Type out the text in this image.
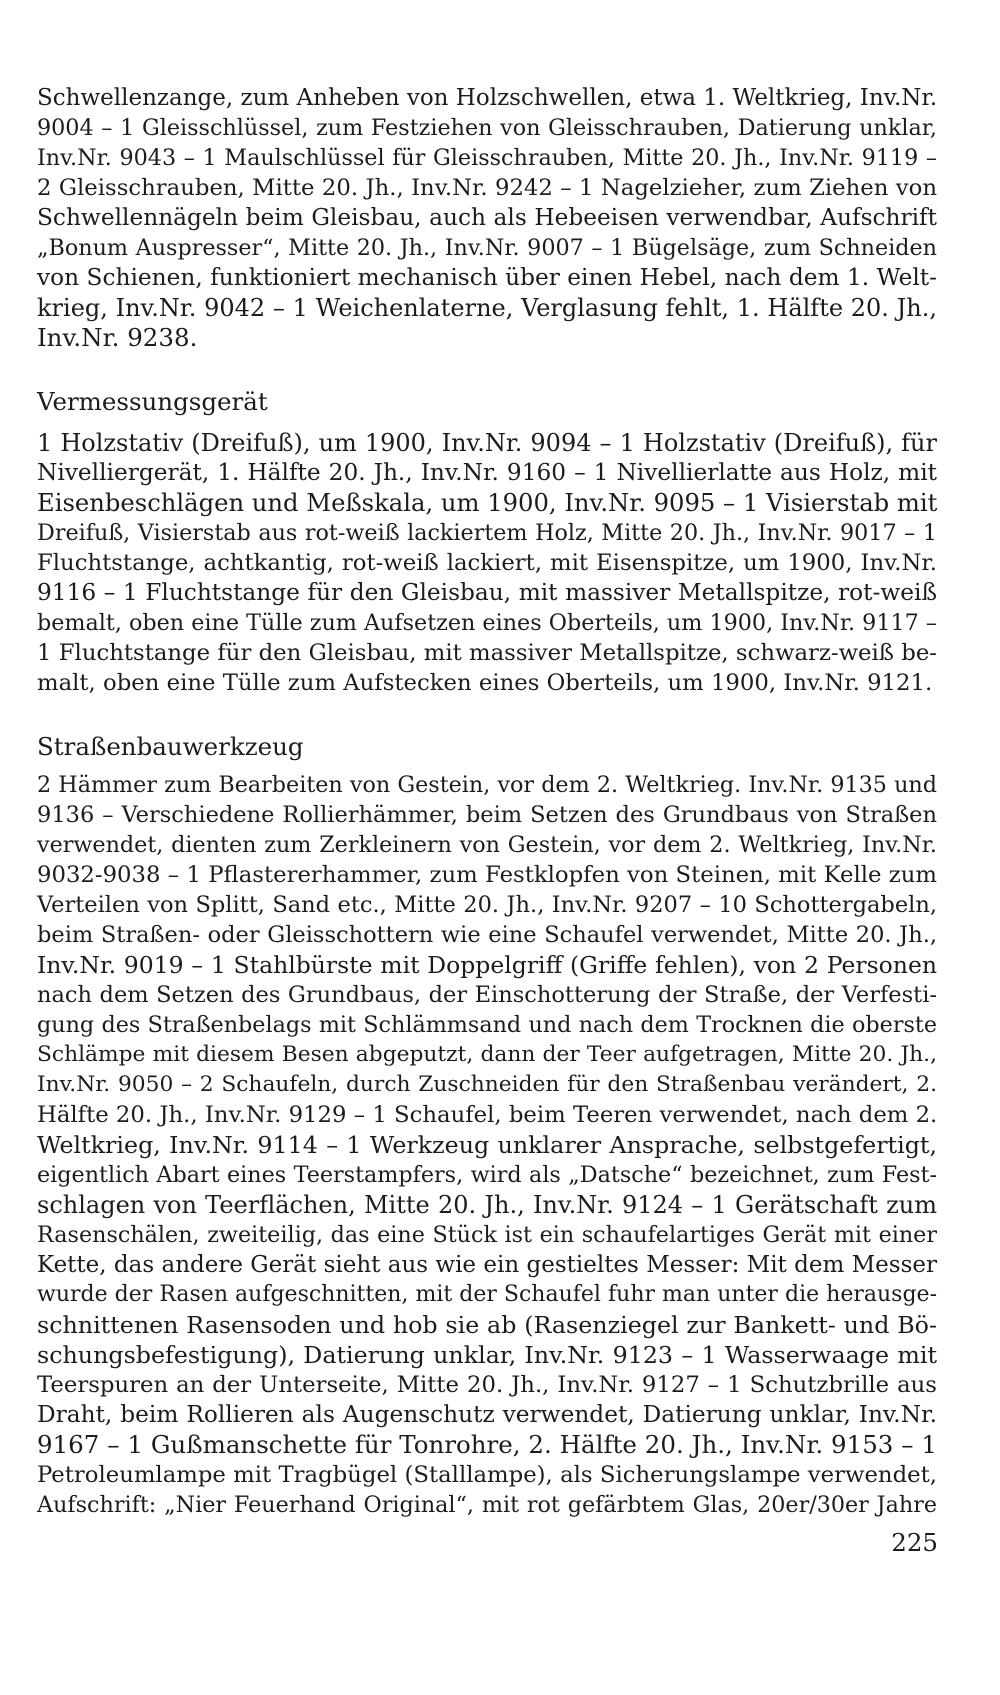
Schwellenzange, zum Anheben von Holzschwellen, etwa 1. Weltkrieg, Inv.Nr.
9004 – 1 Gleisschlüssel, zum Festziehen von Gleisschrauben, Datierung unklar,
Inv.Nr. 9043 – 1 Maulschlüssel für Gleisschrauben, Mitte 20. Jh., Inv.Nr. 9119 –
2 Gleisschrauben, Mitte 20. Jh., Inv.Nr. 9242 – 1 Nagelzieher, zum Ziehen von
Schwellennägeln beim Gleisbau, auch als Hebeeisen verwendbar, Aufschrift
„Bonum Auspresser“, Mitte 20. Jh., Inv.Nr. 9007 – 1 Bügelsäge, zum Schneiden
von Schienen, funktioniert mechanisch über einen Hebel, nach dem 1. Welt-
krieg, Inv.Nr. 9042 – 1 Weichenlaterne, Verglasung fehlt, 1. Hälfte 20. Jh.,
Inv.Nr. 9238.
Vermessungsgerät
1 Holzstativ (Dreifuß), um 1900, Inv.Nr. 9094 – 1 Holzstativ (Dreifuß), für
Nivelliergerät, 1. Hälfte 20. Jh., Inv.Nr. 9160 – 1 Nivellierlatte aus Holz, mit
Eisenbeschlägen und Meßskala, um 1900, Inv.Nr. 9095 – 1 Visierstab mit
Dreifuß, Visierstab aus rot-weiß lackiertem Holz, Mitte 20. Jh., Inv.Nr. 9017 – 1
Fluchtstange, achtkantig, rot-weiß lackiert, mit Eisenspitze, um 1900, Inv.Nr.
9116 – 1 Fluchtstange für den Gleisbau, mit massiver Metallspitze, rot-weiß
bemalt, oben eine Tülle zum Aufsetzen eines Oberteils, um 1900, Inv.Nr. 9117 –
1 Fluchtstange für den Gleisbau, mit massiver Metallspitze, schwarz-weiß be-
malt, oben eine Tülle zum Aufstecken eines Oberteils, um 1900, Inv.Nr. 9121.
Straßenbauwerkzeug
2 Hämmer zum Bearbeiten von Gestein, vor dem 2. Weltkrieg. Inv.Nr. 9135 und
9136 – Verschiedene Rollierhämmer, beim Setzen des Grundbaus von Straßen
verwendet, dienten zum Zerkleinern von Gestein, vor dem 2. Weltkrieg, Inv.Nr.
9032-9038 – 1 Pflastererhammer, zum Festklopfen von Steinen, mit Kelle zum
Verteilen von Splitt, Sand etc., Mitte 20. Jh., Inv.Nr. 9207 – 10 Schottergabeln,
beim Straßen- oder Gleisschottern wie eine Schaufel verwendet, Mitte 20. Jh.,
Inv.Nr. 9019 – 1 Stahlbürste mit Doppelgriff (Griffe fehlen), von 2 Personen
nach dem Setzen des Grundbaus, der Einschotterung der Straße, der Verfesti-
gung des Straßenbelags mit Schlämmsand und nach dem Trocknen die oberste
Schlämpe mit diesem Besen abgeputzt, dann der Teer aufgetragen, Mitte 20. Jh.,
Inv.Nr. 9050 – 2 Schaufeln, durch Zuschneiden für den Straßenbau verändert, 2.
Hälfte 20. Jh., Inv.Nr. 9129 – 1 Schaufel, beim Teeren verwendet, nach dem 2.
Weltkrieg, Inv.Nr. 9114 – 1 Werkzeug unklarer Ansprache, selbstgefertigt,
eigentlich Abart eines Teerstampfers, wird als „Datsche“ bezeichnet, zum Fest-
schlagen von Teerflächen, Mitte 20. Jh., Inv.Nr. 9124 – 1 Gerätschaft zum
Rasenschälen, zweiteilig, das eine Stück ist ein schaufelartiges Gerät mit einer
Kette, das andere Gerät sieht aus wie ein gestieltes Messer: Mit dem Messer
wurde der Rasen aufgeschnitten, mit der Schaufel fuhr man unter die herausge-
schnittenen Rasensoden und hob sie ab (Rasenziegel zur Bankett- und Bö-
schungsbefestigung), Datierung unklar, Inv.Nr. 9123 – 1 Wasserwaage mit
Teerspuren an der Unterseite, Mitte 20. Jh., Inv.Nr. 9127 – 1 Schutzbrille aus
Draht, beim Rollieren als Augenschutz verwendet, Datierung unklar, Inv.Nr.
9167 – 1 Gußmanschette für Tonrohre, 2. Hälfte 20. Jh., Inv.Nr. 9153 – 1
Petroleumlampe mit Tragbügel (Stalllampe), als Sicherungslampe verwendet,
Aufschrift: „Nier Feuerhand Original“, mit rot gefärbtem Glas, 20er/30er Jahre
225
